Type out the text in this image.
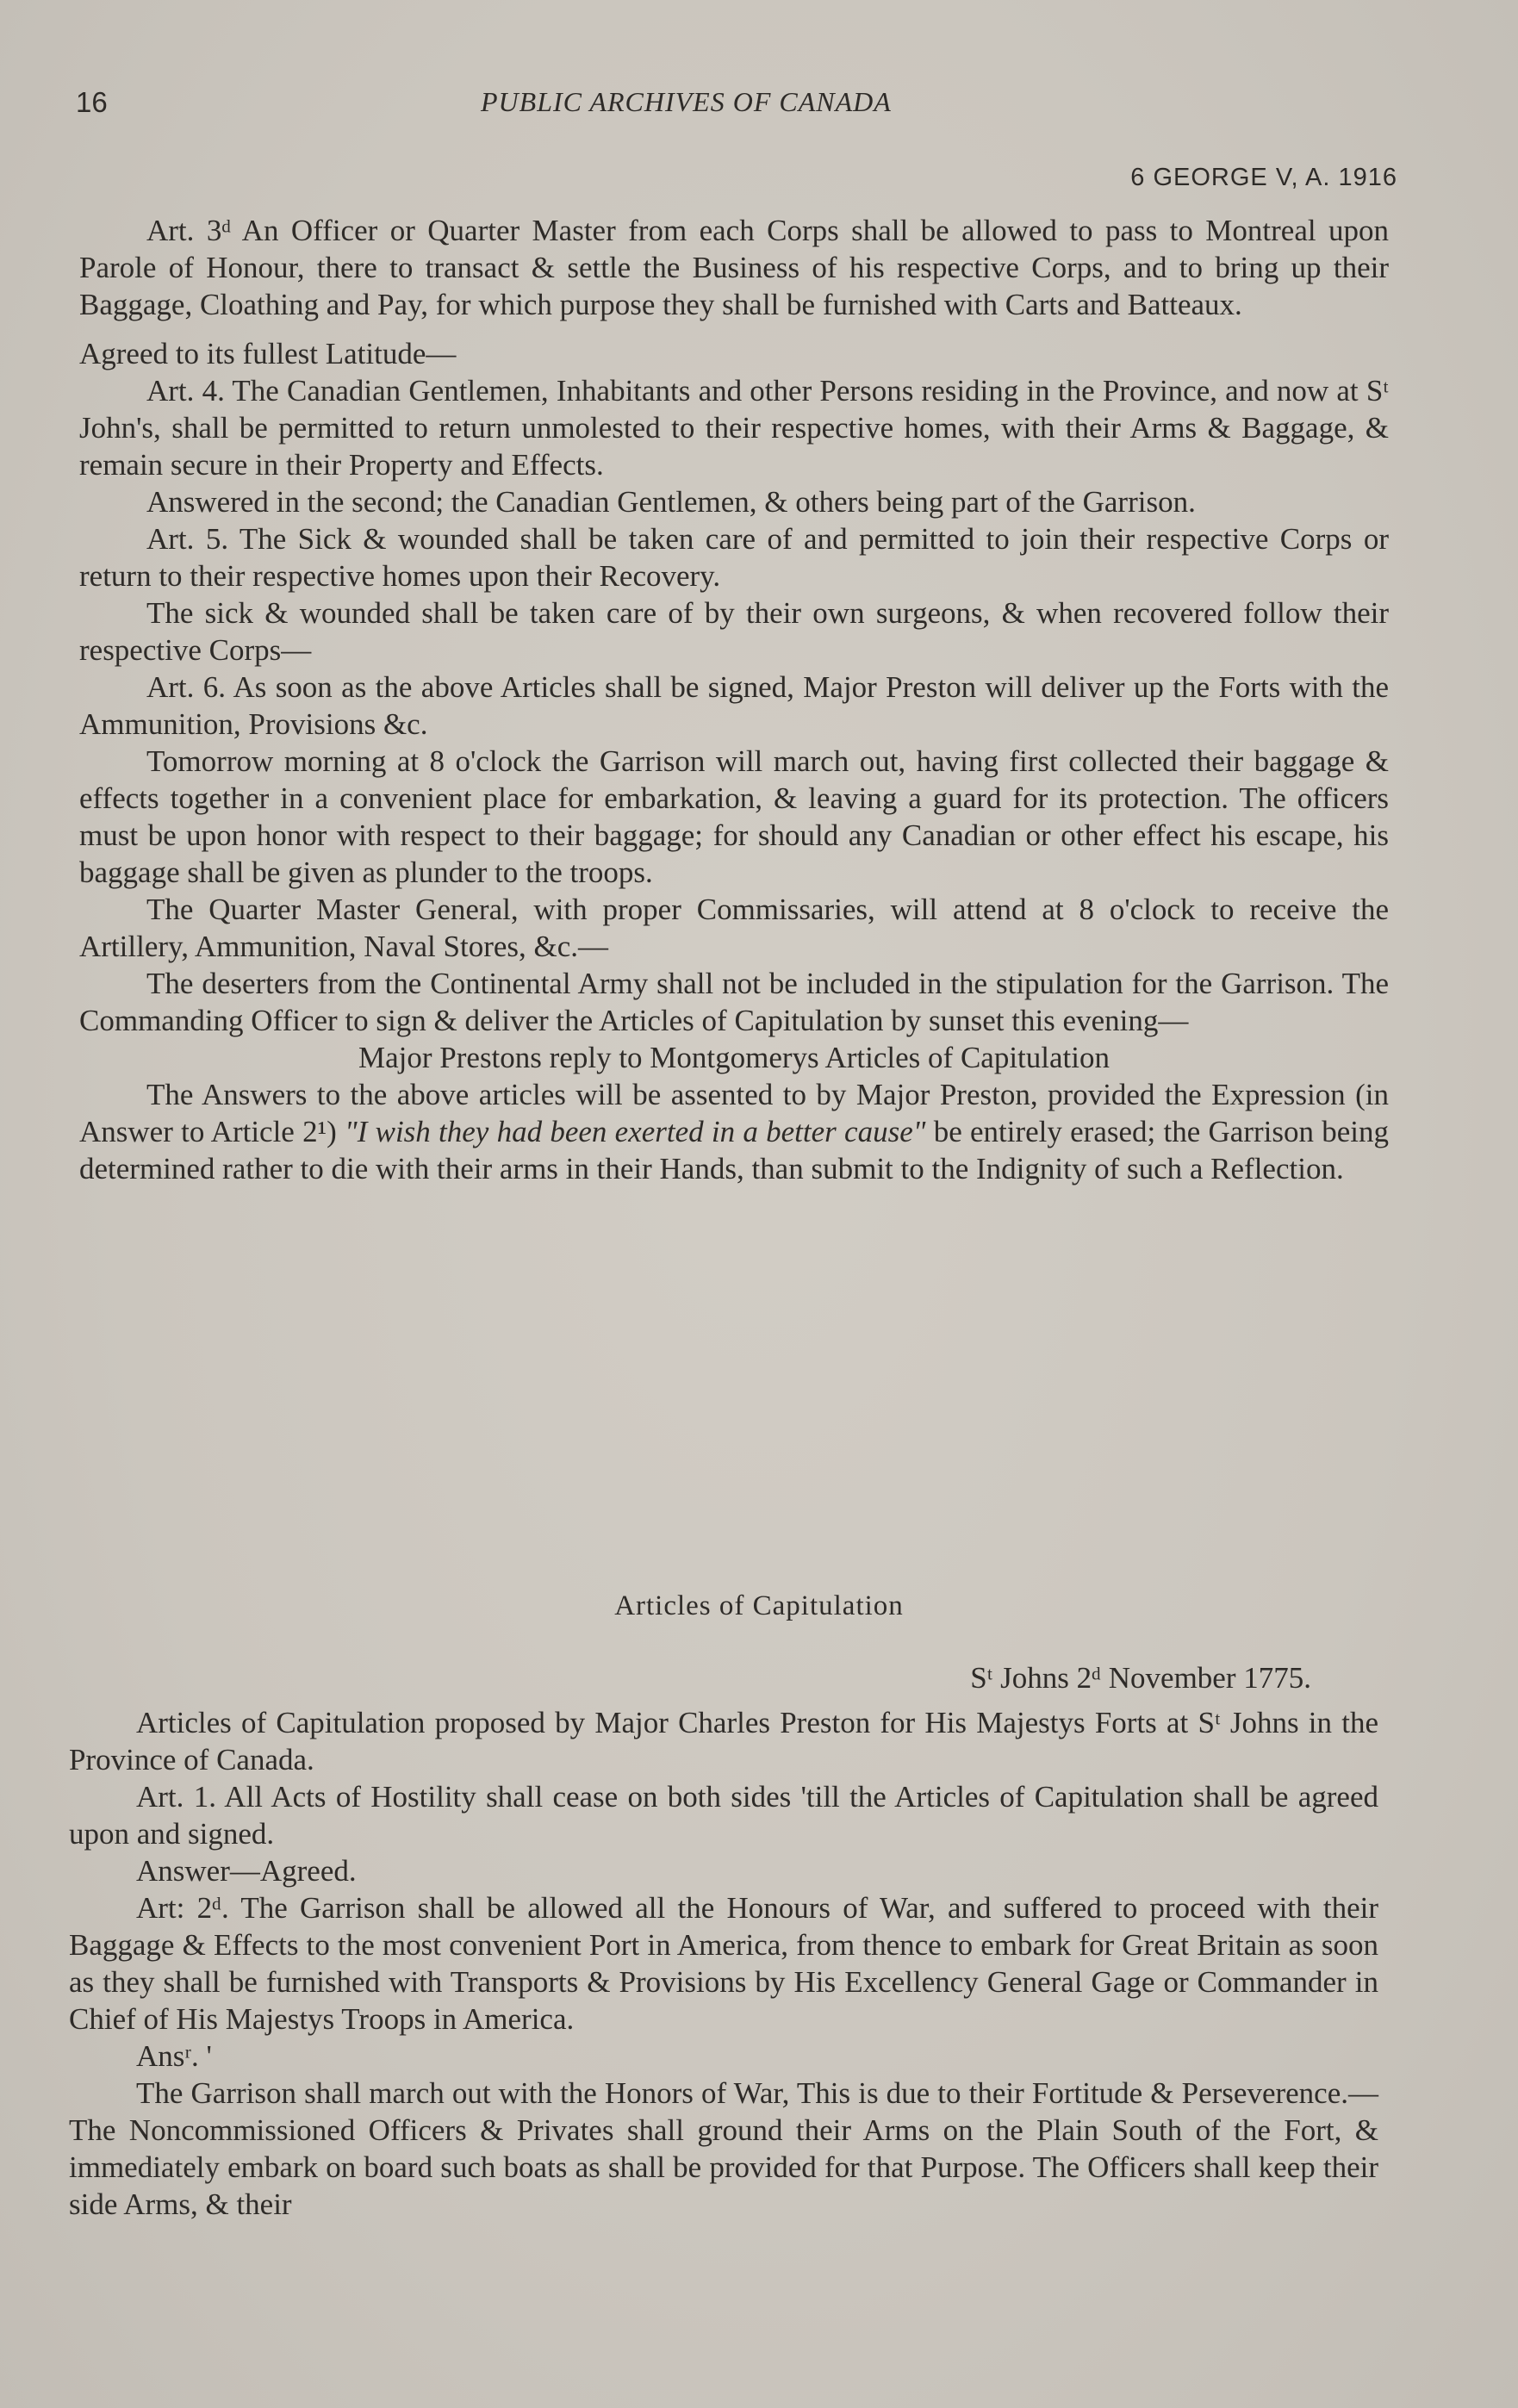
16	PUBLIC ARCHIVES OF CANADA
6 GEORGE V, A. 1916

Art. 3ᵈ An Officer or Quarter Master from each Corps shall be allowed to pass to Montreal upon Parole of Honour, there to transact & settle the Business of his respective Corps, and to bring up their Baggage, Cloathing and Pay, for which purpose they shall be furnished with Carts and Batteaux.

Agreed to its fullest Latitude—

Art. 4. The Canadian Gentlemen, Inhabitants and other Persons residing in the Province, and now at Sᵗ John's, shall be permitted to return unmolested to their respective homes, with their Arms & Baggage, & remain secure in their Property and Effects.

Answered in the second; the Canadian Gentlemen, & others being part of the Garrison.

Art. 5. The Sick & wounded shall be taken care of and permitted to join their respective Corps or return to their respective homes upon their Recovery.

The sick & wounded shall be taken care of by their own surgeons, & when recovered follow their respective Corps—

Art. 6. As soon as the above Articles shall be signed, Major Preston will deliver up the Forts with the Ammunition, Provisions &c.

Tomorrow morning at 8 o'clock the Garrison will march out, having first collected their baggage & effects together in a convenient place for embarkation, & leaving a guard for its protection. The officers must be upon honor with respect to their baggage; for should any Canadian or other effect his escape, his baggage shall be given as plunder to the troops.

The Quarter Master General, with proper Commissaries, will attend at 8 o'clock to receive the Artillery, Ammunition, Naval Stores, &c.—

The deserters from the Continental Army shall not be included in the stipulation for the Garrison. The Commanding Officer to sign & deliver the Articles of Capitulation by sunset this evening—

Major Prestons reply to Montgomerys Articles of Capitulation

The Answers to the above articles will be assented to by Major Preston, provided the Expression (in Answer to Article 2¹) "I wish they had been exerted in a better cause" be entirely erased; the Garrison being determined rather to die with their arms in their Hands, than submit to the Indignity of such a Reflection.

Articles of Capitulation
Sᵗ Johns 2ᵈ November 1775.

Articles of Capitulation proposed by Major Charles Preston for His Majestys Forts at Sᵗ Johns in the Province of Canada.

Art. 1. All Acts of Hostility shall cease on both sides 'till the Articles of Capitulation shall be agreed upon and signed.

Answer—Agreed.

Art: 2ᵈ. The Garrison shall be allowed all the Honours of War, and suffered to proceed with their Baggage & Effects to the most convenient Port in America, from thence to embark for Great Britain as soon as they shall be furnished with Transports & Provisions by His Excellency General Gage or Commander in Chief of His Majestys Troops in America.

Ansʳ. '

The Garrison shall march out with the Honors of War, This is due to their Fortitude & Perseverence.—The Noncommissioned Officers & Privates shall ground their Arms on the Plain South of the Fort, & immediately embark on board such boats as shall be provided for that Purpose. The Officers shall keep their side Arms, & their
